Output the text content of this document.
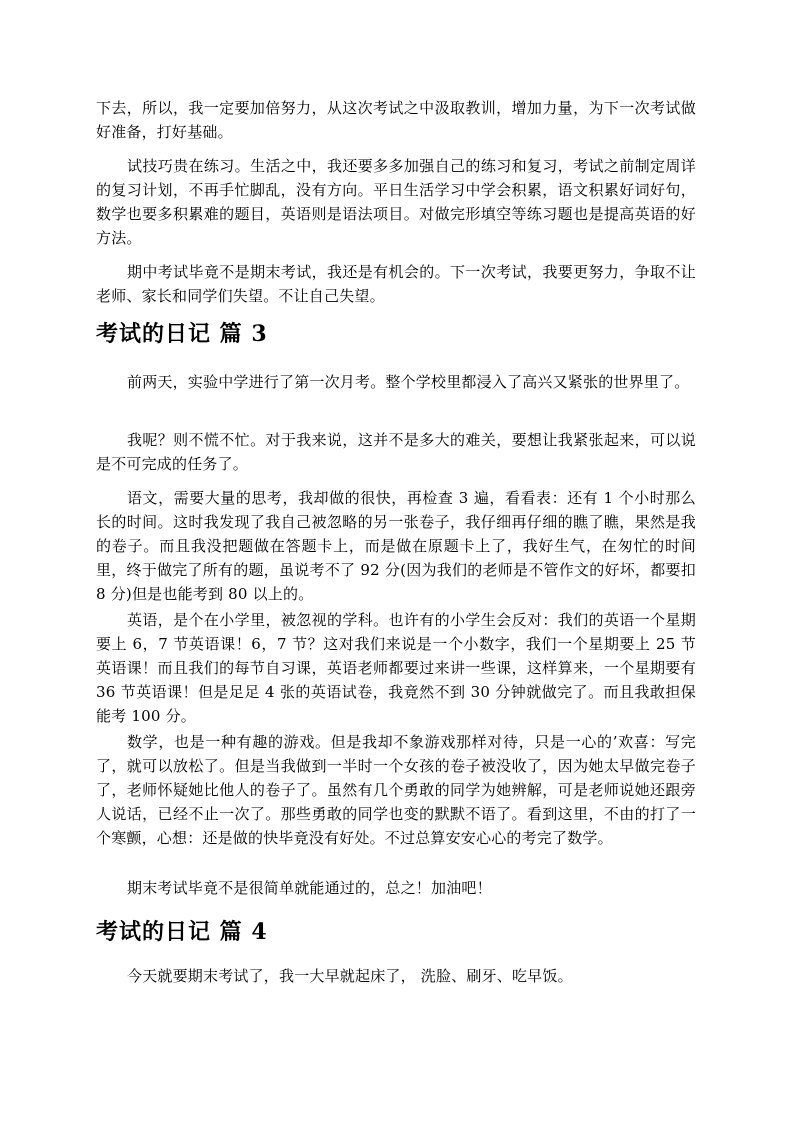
下去，所以，我一定要加倍努力，从这次考试之中汲取教训，增加力量，为下一次考试做好准备，打好基础。

试技巧贵在练习。生活之中，我还要多多加强自己的练习和复习，考试之前制定周详的复习计划，不再手忙脚乱，没有方向。平日生活学习中学会积累，语文积累好词好句，数学也要多积累难的题目，英语则是语法项目。对做完形填空等练习题也是提高英语的好方法。

期中考试毕竟不是期末考试，我还是有机会的。下一次考试，我要更努力，争取不让老师、家长和同学们失望。不让自己失望。

考试的日记 篇 3

前两天，实验中学进行了第一次月考。整个学校里都浸入了高兴又紧张的世界里了。

我呢？则不慌不忙。对于我来说，这并不是多大的难关，要想让我紧张起来，可以说是不可完成的任务了。

语文，需要大量的思考，我却做的很快，再检查 3 遍，看看表：还有 1 个小时那么长的时间。这时我发现了我自己被忽略的另一张卷子，我仔细再仔细的瞧了瞧，果然是我的卷子。而且我没把题做在答题卡上，而是做在原题卡上了，我好生气，在匆忙的时间里，终于做完了所有的题，虽说考不了 92 分(因为我们的老师是不管作文的好坏，都要扣 8 分)但是也能考到 80 以上的。

英语，是个在小学里，被忽视的学科。也许有的小学生会反对：我们的英语一个星期要上 6，7 节英语课！6，7 节？这对我们来说是一个小数字，我们一个星期要上 25 节英语课！而且我们的每节自习课，英语老师都要过来讲一些课，这样算来，一个星期要有 36 节英语课！但是足足 4 张的英语试卷，我竟然不到 30 分钟就做完了。而且我敢担保能考 100 分。

数学，也是一种有趣的游戏。但是我却不象游戏那样对待，只是一心的’欢喜：写完了，就可以放松了。但是当我做到一半时一个女孩的卷子被没收了，因为她太早做完卷子了，老师怀疑她比他人的卷子了。虽然有几个勇敢的同学为她辨解，可是老师说她还跟旁人说话，已经不止一次了。那些勇敢的同学也变的默默不语了。看到这里，不由的打了一个寒颤，心想：还是做的快毕竟没有好处。不过总算安安心心的考完了数学。

期末考试毕竟不是很简单就能通过的，总之！加油吧！

考试的日记 篇 4

今天就要期末考试了，我一大早就起床了， 洗脸、刷牙、吃早饭。
